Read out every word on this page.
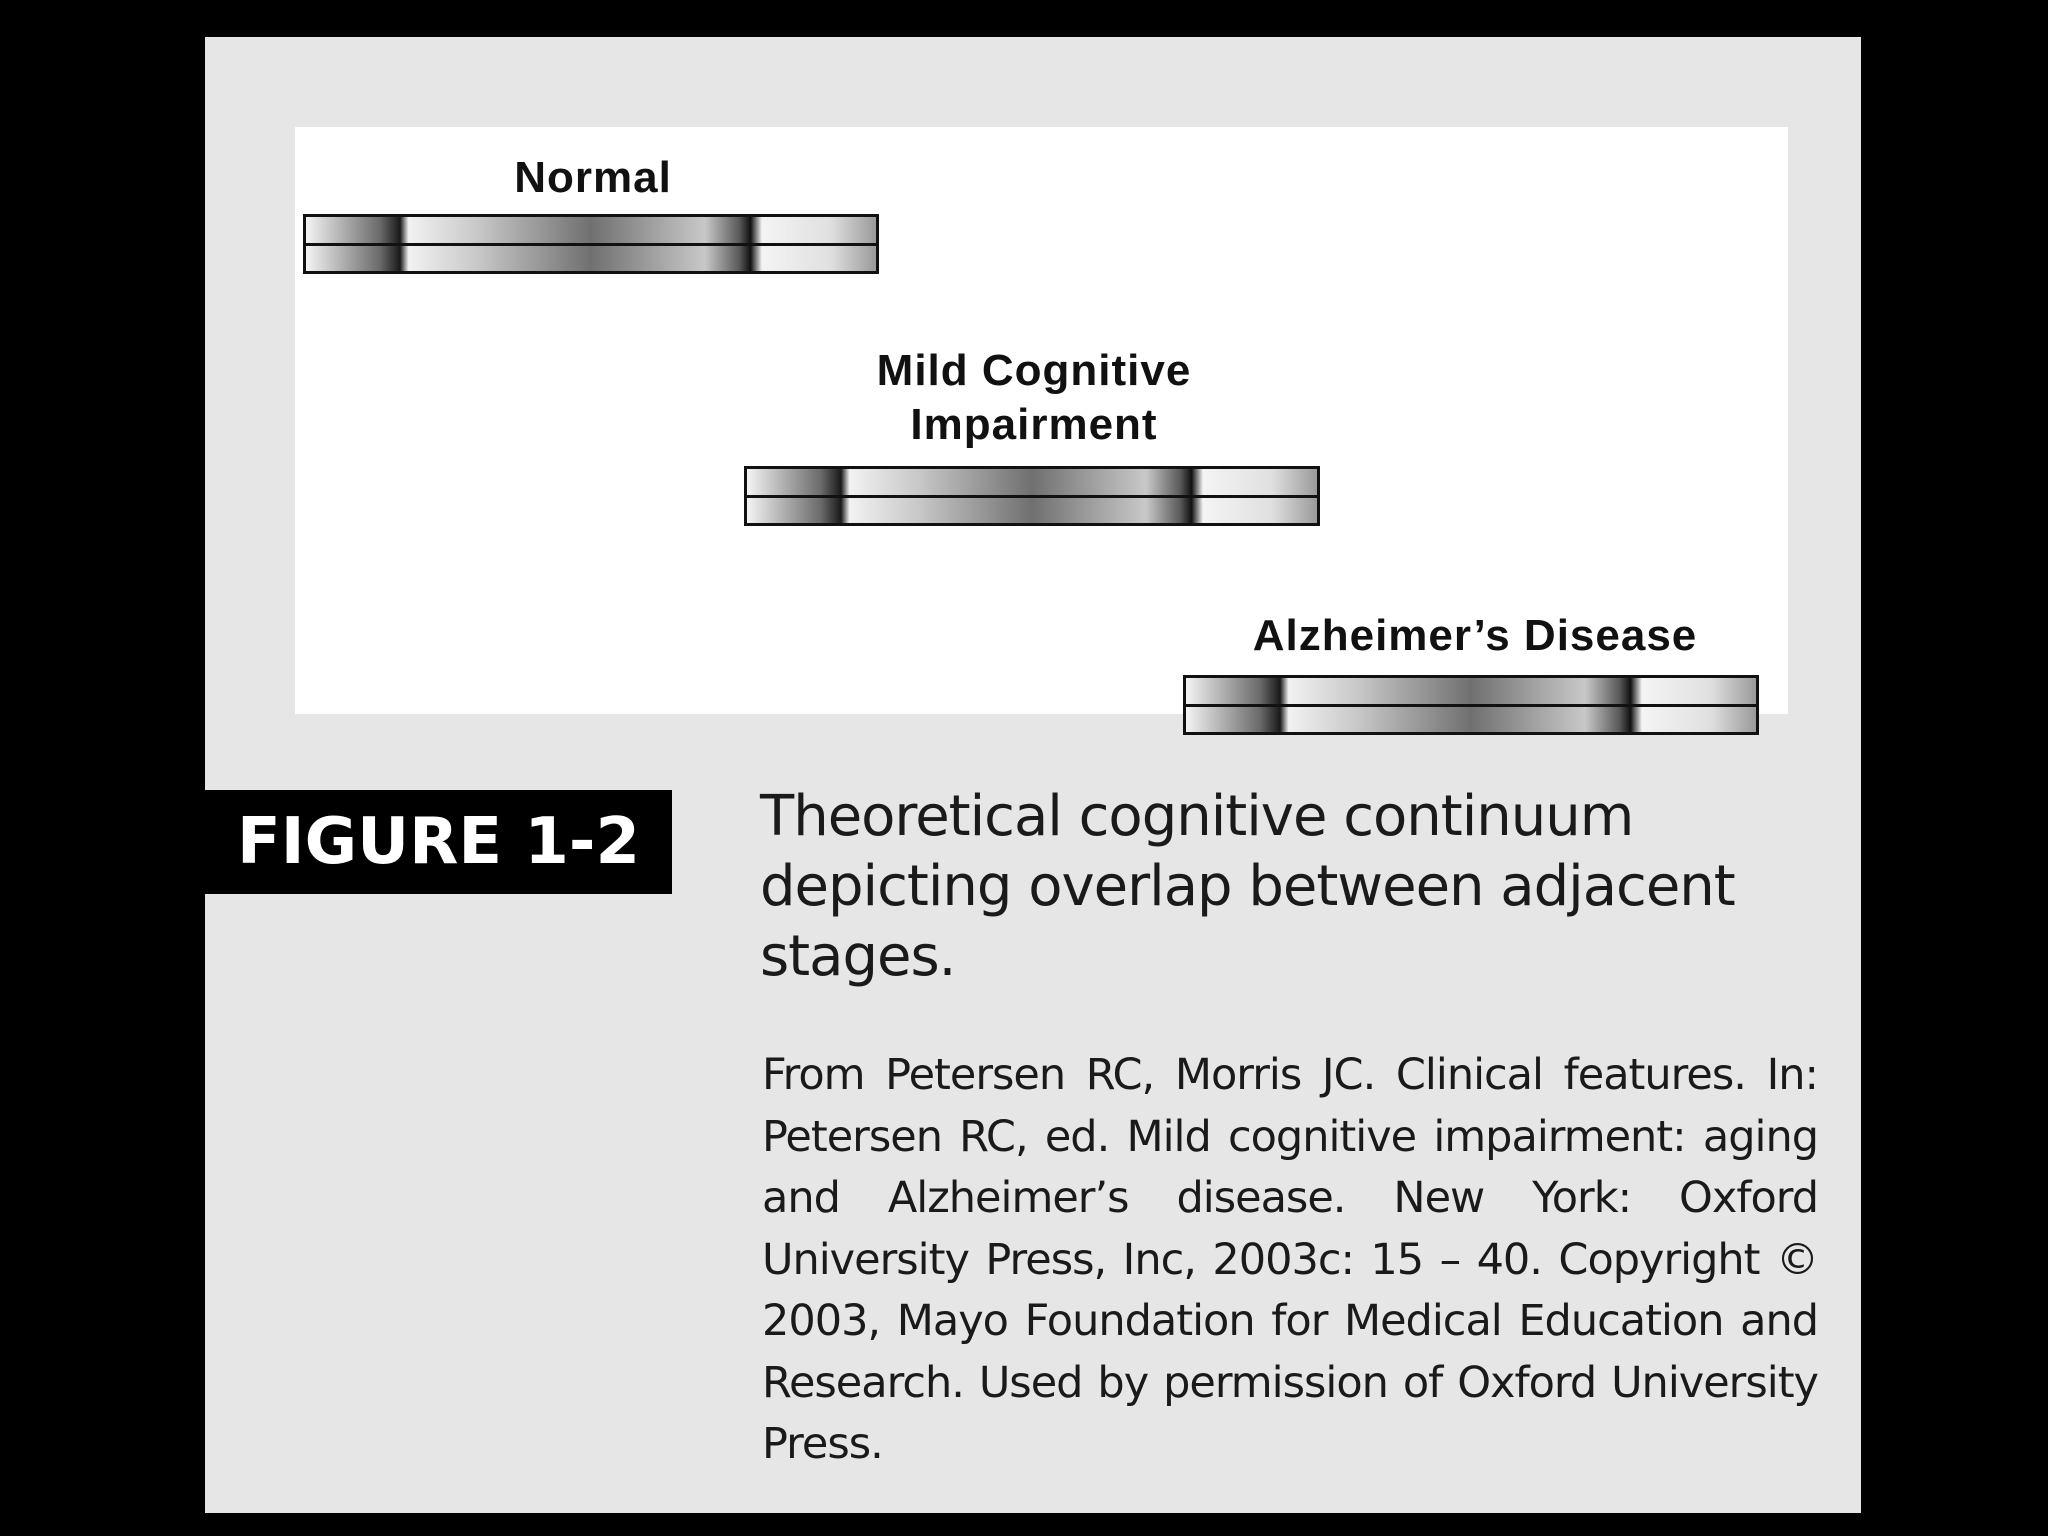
Normal
Mild Cognitive
Impairment
Alzheimer’s Disease
FIGURE 1-2	Theoretical cognitive continuum depicting overlap between adjacent stages.
From Petersen RC, Morris JC. Clinical features. In: Petersen RC, ed. Mild cognitive impairment: aging and Alzheimer’s disease. New York: Oxford University Press, Inc, 2003c: 15 – 40. Copyright © 2003, Mayo Foundation for Medical Education and Research. Used by permission of Oxford University Press.
